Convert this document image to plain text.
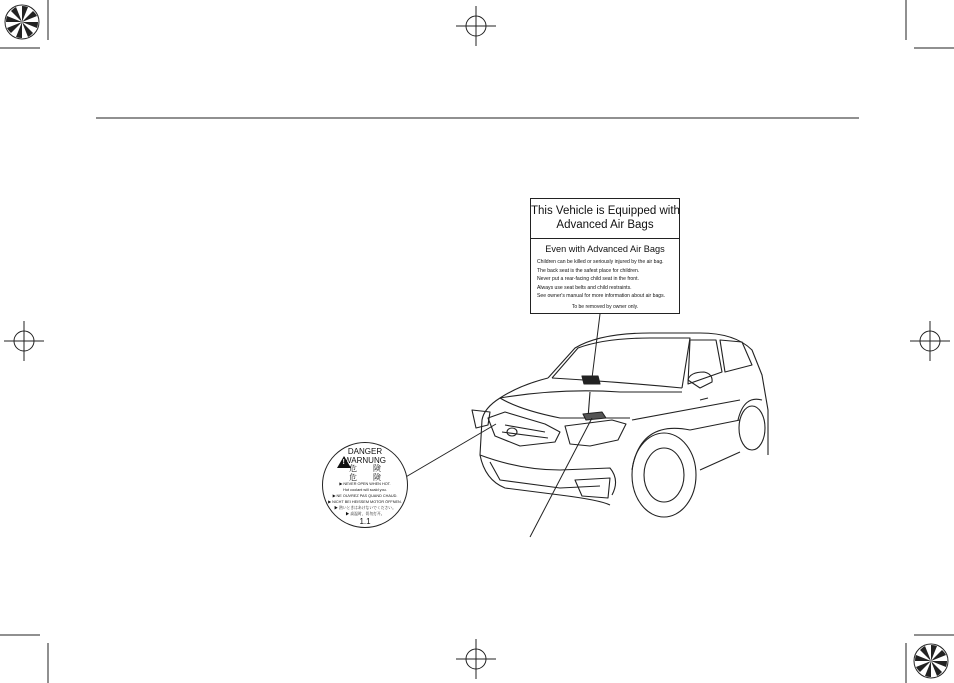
This Vehicle is Equipped with
Advanced Air Bags
Even with Advanced Air Bags
Children can be killed or seriously injured by the air bag.
The back seat is the safest place for children.
Never put a rear-facing child seat in the front.
Always use seat belts and child restraints.
See owner's manual for more information about air bags.
To be removed by owner only.
!
DANGER
WARNUNG
危　　険
危　　険
▶ NEVER OPEN WHEN HOT.
Hot coolant will scald you.
▶ NE OUVREZ PAS QUAND CHAUD.
▶ NICHT BEI HEISSEM MOTOR ÖFFNEN.
▶ 熱いときはあけないでください。
▶ 高温时，切勿打开。
1.1
